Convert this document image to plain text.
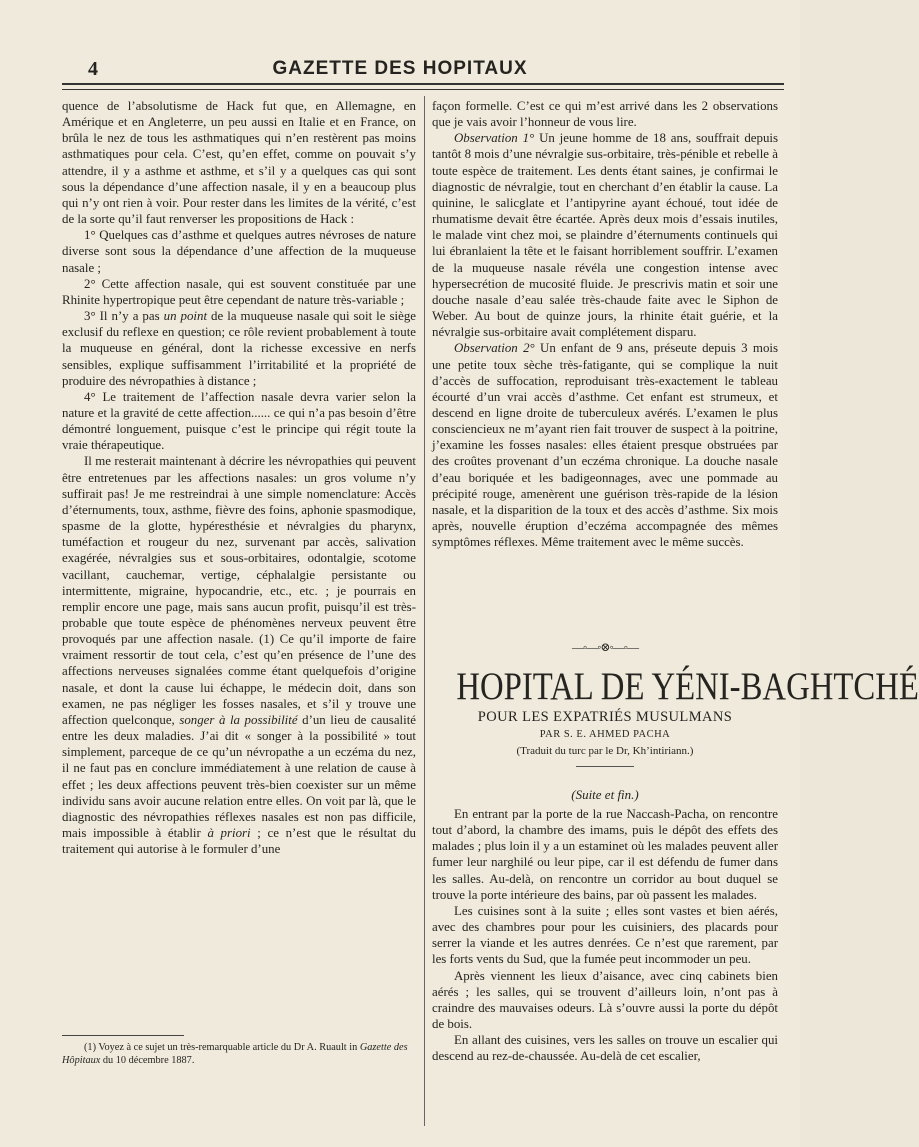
4	GAZETTE DES HOPITAUX

quence de l’absolutisme de Hack fut que, en Allemagne, en Amérique et en Angleterre, un peu aussi en Italie et en France, on brûla le nez de tous les asthmatiques qui n’en restèrent pas moins asthmatiques pour cela. C’est, qu’en effet, comme on pouvait s’y attendre, il y a asthme et asthme, et s’il y a quelques cas qui sont sous la dépendance d’une affection nasale, il y en a beaucoup plus qui n’y ont rien à voir. Pour rester dans les limites de la vérité, c’est de la sorte qu’il faut renverser les propositions de Hack :

1° Quelques cas d’asthme et quelques autres névroses de nature diverse sont sous la dépendance d’une affection de la muqueuse nasale ;

2° Cette affection nasale, qui est souvent constituée par une Rhinite hypertropique peut être cependant de nature très-variable ;

3° Il n’y a pas un point de la muqueuse nasale qui soit le siège exclusif du reflexe en question; ce rôle revient probablement à toute la muqueuse en général, dont la richesse excessive en nerfs sensibles, explique suffisamment l’irritabilité et la propriété de produire des névropathies à distance ;

4° Le traitement de l’affection nasale devra varier selon la nature et la gravité de cette affection...... ce qui n’a pas besoin d’être démontré longuement, puisque c’est le principe qui régit toute la vraie thérapeutique.

Il me resterait maintenant à décrire les névropathies qui peuvent être entretenues par les affections nasales: un gros volume n’y suffirait pas! Je me restreindrai à une simple nomenclature: Accès d’éternuments, toux, asthme, fièvre des foins, aphonie spasmodique, spasme de la glotte, hypéresthésie et névralgies du pharynx, tuméfaction et rougeur du nez, survenant par accès, salivation exagérée, névralgies sus et sous-orbitaires, odontalgie, scotome vacillant, cauchemar, vertige, céphalalgie persistante ou intermittente, migraine, hypocandrie, etc., etc. ; je pourrais en remplir encore une page, mais sans aucun profit, puisqu’il est très-probable que toute espèce de phénomènes nerveux peuvent être provoqués par une affection nasale. (1) Ce qu’il importe de faire vraiment ressortir de tout cela, c’est qu’en présence de l’une des affections nerveuses signalées comme étant quelquefois d’origine nasale, et dont la cause lui échappe, le médecin doit, dans son examen, ne pas négliger les fosses nasales, et s’il y trouve une affection quelconque, songer à la possibilité d’un lieu de causalité entre les deux maladies. J’ai dit « songer à la possibilité » tout simplement, parceque de ce qu’un névropathe a un eczéma du nez, il ne faut pas en conclure immédiatement à une relation de cause à effet ; les deux affections peuvent très-bien coexister sur un même individu sans avoir aucune relation entre elles. On voit par là, que le diagnostic des névropathies réflexes nasales est non pas difficile, mais impossible à établir à priori ; ce n’est que le résultat du traitement qui autorise à le formuler d’une

(1) Voyez à ce sujet un très-remarquable article du Dr A. Ruault in Gazette des Hôpitaux du 10 décembre 1887.

façon formelle. C’est ce qui m’est arrivé dans les 2 observations que je vais avoir l’honneur de vous lire.

Observation 1° Un jeune homme de 18 ans, souffrait depuis tantôt 8 mois d’une névralgie sus-orbitaire, très-pénible et rebelle à toute espèce de traitement. Les dents étant saines, je confirmai le diagnostic de névralgie, tout en cherchant d’en établir la cause. La quinine, le salicglate et l’antipyrine ayant échoué, tout idée de rhumatisme devait être écartée. Après deux mois d’essais inutiles, le malade vint chez moi, se plaindre d’éternuments continuels qui lui ébranlaient la tête et le faisant horriblement souffrir. L’examen de la muqueuse nasale révéla une congestion intense avec hypersecrétion de mucosité fluide. Je prescrivis matin et soir une douche nasale d’eau salée très-chaude faite avec le Siphon de Weber. Au bout de quinze jours, la rhinite était guérie, et la névralgie sus-orbitaire avait complétement disparu.

Observation 2° Un enfant de 9 ans, préseute depuis 3 mois une petite toux sèche très-fatigante, qui se complique la nuit d’accès de suffocation, reproduisant très-exactement le tableau écourté d’un vrai accès d’asthme. Cet enfant est strumeux, et descend en ligne droite de tuberculeux avérés. L’examen le plus consciencieux ne m’ayant rien fait trouver de suspect à la poitrine, j’examine les fosses nasales: elles étaient presque obstruées par des croûtes provenant d’un eczéma chronique. La douche nasale d’eau boriquée et les badigeonnages, avec une pommade au précipité rouge, amenèrent une guérison très-rapide de la lésion nasale, et la disparition de la toux et des accès d’asthme. Six mois après, nouvelle éruption d’eczéma accompagnée des mêmes symptômes réflexes. Même traitement avec le même succès.

—◦—◦⊗◦—◦—
HOPITAL DE YÉNI-BAGHTCHÉ
POUR LES EXPATRIÉS MUSULMANS
PAR S. E. AHMED PACHA
(Traduit du turc par le Dr, Kh’intiriann.)
(Suite et fin.)

En entrant par la porte de la rue Naccash-Pacha, on rencontre tout d’abord, la chambre des imams, puis le dépôt des effets des malades ; plus loin il y a un estaminet où les malades peuvent aller fumer leur narghilé ou leur pipe, car il est défendu de fumer dans les salles. Au-delà, on rencontre un corridor au bout duquel se trouve la porte intérieure des bains, par où passent les malades.

Les cuisines sont à la suite ; elles sont vastes et bien aérés, avec des chambres pour pour les cuisiniers, des placards pour serrer la viande et les autres denrées. Ce n’est que rarement, par les forts vents du Sud, que la fumée peut incommoder un peu.

Après viennent les lieux d’aisance, avec cinq cabinets bien aérés ; les salles, qui se trouvent d’ailleurs loin, n’ont pas à craindre des mauvaises odeurs. Là s’ouvre aussi la porte du dépôt de bois.

En allant des cuisines, vers les salles on trouve un escalier qui descend au rez-de-chaussée. Au-delà de cet escalier,
